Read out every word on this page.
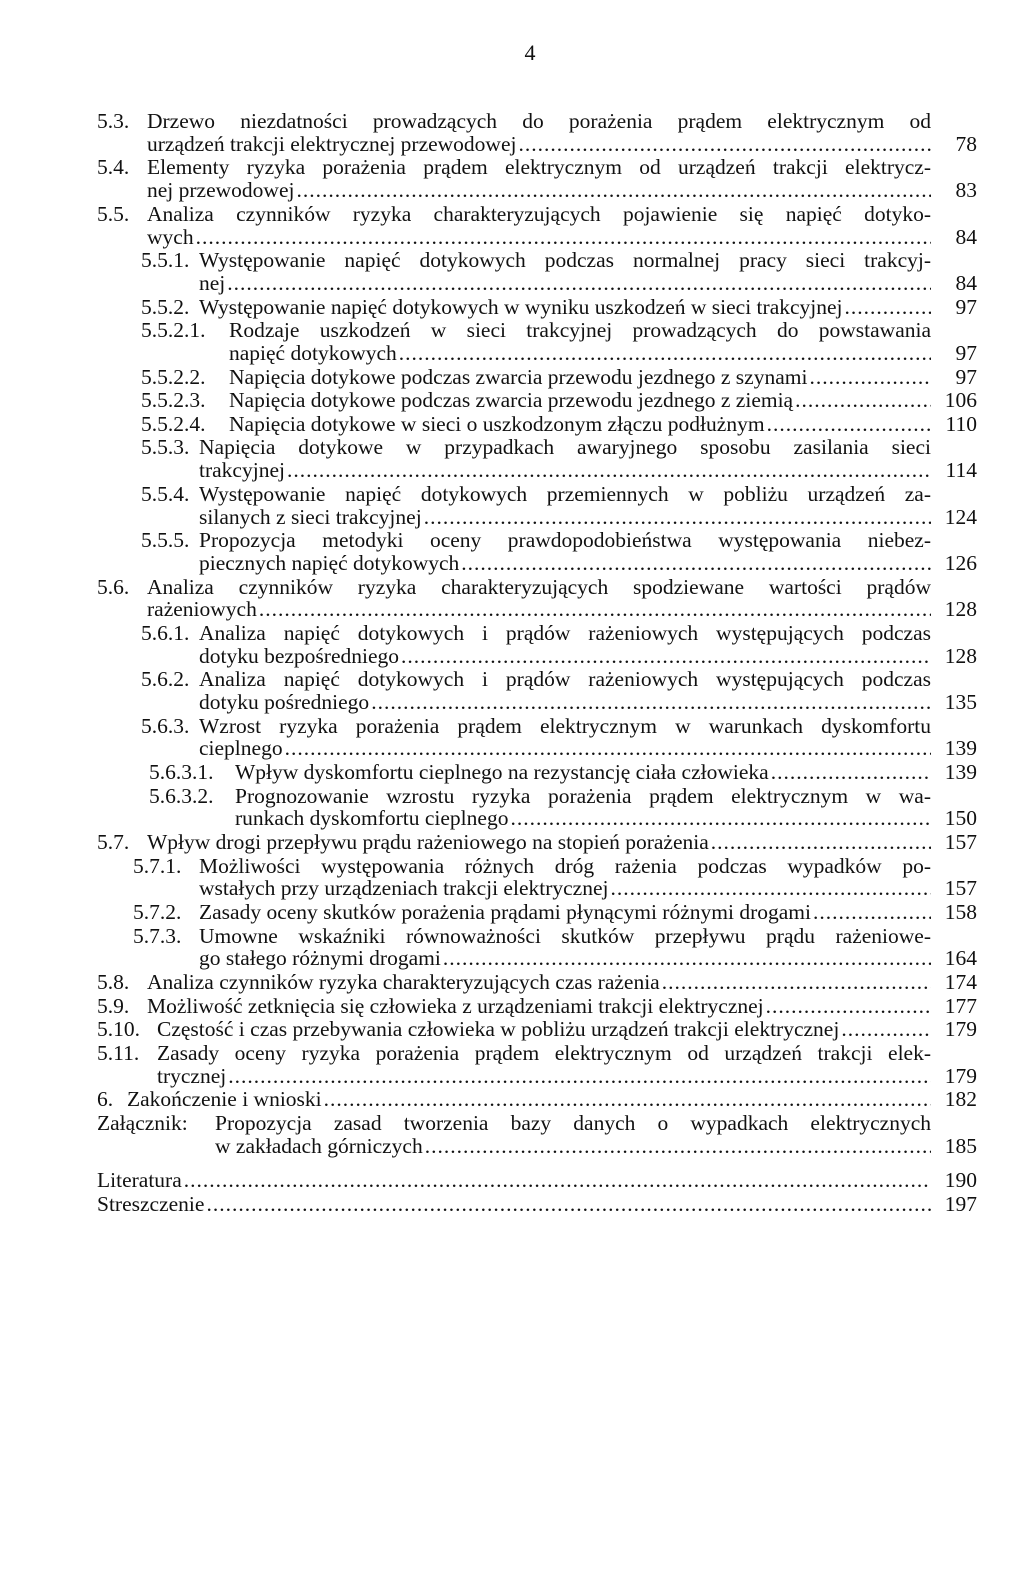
4
5.3. Drzewo niezdatności prowadzących do porażenia prądem elektrycznym od
urządzeń trakcji elektrycznej przewodowej .....	78
5.4. Elementy ryzyka porażenia prądem elektrycznym od urządzeń trakcji elektrycz-
nej przewodowej .....	83
5.5. Analiza czynników ryzyka charakteryzujących pojawienie się napięć dotyko-
wych .....	84
5.5.1. Występowanie napięć dotykowych podczas normalnej pracy sieci trakcyj-
nej .....	84
5.5.2. Występowanie napięć dotykowych w wyniku uszkodzeń w sieci trakcyjnej .....	97
5.5.2.1.	Rodzaje uszkodzeń w sieci trakcyjnej prowadzących do powstawania
napięć dotykowych .....	97
5.5.2.2.	Napięcia dotykowe podczas zwarcia przewodu jezdnego z szynami .....	97
5.5.2.3.	Napięcia dotykowe podczas zwarcia przewodu jezdnego z ziemią .....	106
5.5.2.4.	Napięcia dotykowe w sieci o uszkodzonym złączu podłużnym .....	110
5.5.3. Napięcia dotykowe w przypadkach awaryjnego sposobu zasilania sieci
trakcyjnej .....	114
5.5.4. Występowanie napięć dotykowych przemiennych w pobliżu urządzeń za-
silanych z sieci trakcyjnej .....	124
5.5.5. Propozycja metodyki oceny prawdopodobieństwa występowania niebez-
piecznych napięć dotykowych .....	126
5.6. Analiza czynników ryzyka charakteryzujących spodziewane wartości prądów
rażeniowych .....	128
5.6.1. Analiza napięć dotykowych i prądów rażeniowych występujących podczas
dotyku bezpośredniego .....	128
5.6.2. Analiza napięć dotykowych i prądów rażeniowych występujących podczas
dotyku pośredniego .....	135
5.6.3. Wzrost ryzyka porażenia prądem elektrycznym w warunkach dyskomfortu
cieplnego .....	139
5.6.3.1.	Wpływ dyskomfortu cieplnego na rezystancję ciała człowieka .....	139
5.6.3.2.	Prognozowanie wzrostu ryzyka porażenia prądem elektrycznym w wa-
runkach dyskomfortu cieplnego .....	150
5.7. Wpływ drogi przepływu prądu rażeniowego na stopień porażenia .....	157
5.7.1. Możliwości występowania różnych dróg rażenia podczas wypadków po-
wstałych przy urządzeniach trakcji elektrycznej .....	157
5.7.2. Zasady oceny skutków porażenia prądami płynącymi różnymi drogami .....	158
5.7.3. Umowne wskaźniki równoważności skutków przepływu prądu rażeniowe-
go stałego różnymi drogami .....	164
5.8. Analiza czynników ryzyka charakteryzujących czas rażenia .....	174
5.9. Możliwość zetknięcia się człowieka z urządzeniami trakcji elektrycznej .....	177
5.10. Częstość i czas przebywania człowieka w pobliżu urządzeń trakcji elektrycznej .....	179
5.11. Zasady oceny ryzyka porażenia prądem elektrycznym od urządzeń trakcji elek-
trycznej .....	179
6. Zakończenie i wnioski .....	182
Załącznik:	Propozycja zasad tworzenia bazy danych o wypadkach elektrycznych
w zakładach górniczych .....	185
Literatura .....	190
Streszczenie .....	197
